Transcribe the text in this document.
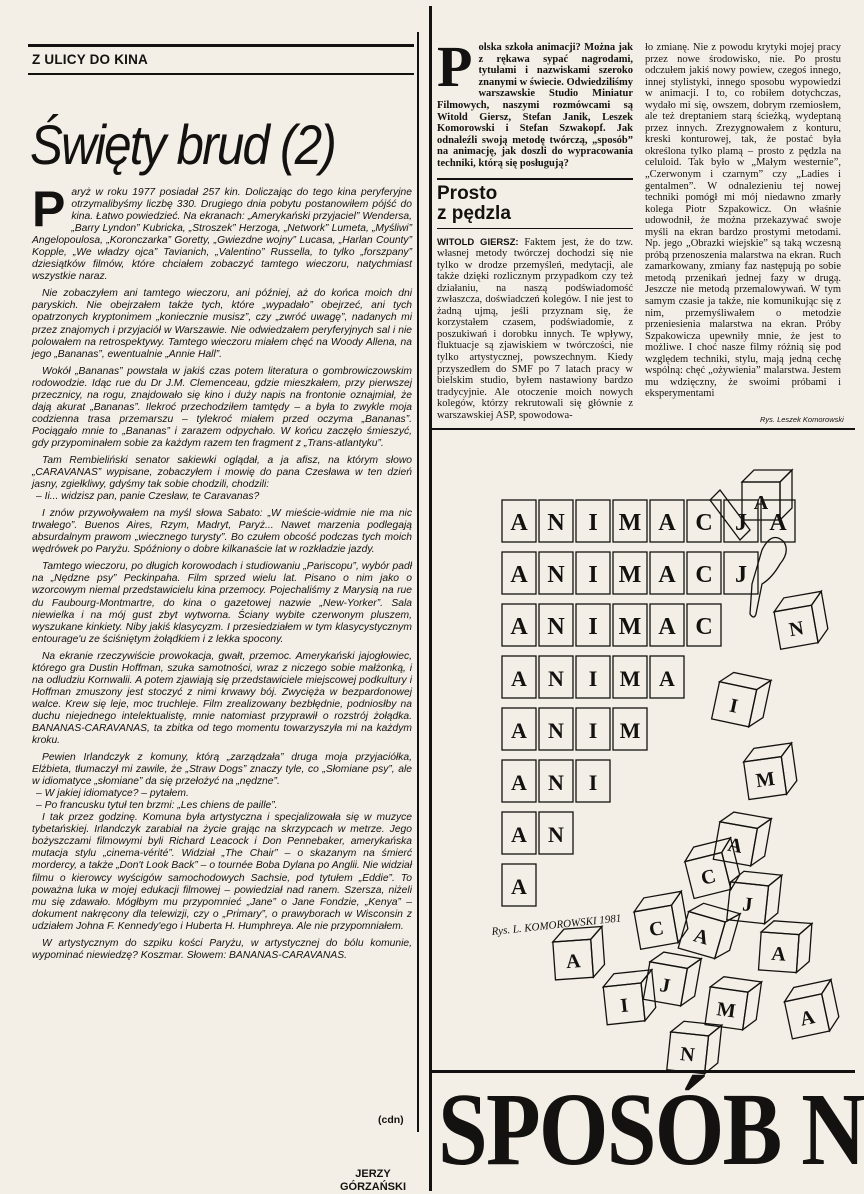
Z ULICY DO KINA
Święty brud (2)

Paryż w roku 1977 posiadał 257 kin. Doliczając do tego kina peryferyjne otrzymalibyśmy liczbę 330. Drugiego dnia pobytu postanowiłem pójść do kina. Łatwo powiedzieć. Na ekranach: „Amerykański przyjaciel” Wendersa, „Barry Lyndon” Kubricka, „Stroszek” Herzoga, „Network” Lumeta, „Myśliwi” Angelopoulosa, „Koronczarka” Goretty, „Gwiezdne wojny” Lucasa, „Harlan County” Kopple, „We władzy ojca” Tavianich, „Valentino” Russella, to tylko „forszpany” dziesiątków filmów, które chciałem zobaczyć tamtego wieczoru, natychmiast wszystkie naraz.

Nie zobaczyłem ani tamtego wieczoru, ani później, aż do końca moich dni paryskich. Nie obejrzałem także tych, które „wypadało” obejrzeć, ani tych opatrzonych kryptonimem „koniecznie musisz”, czy „zwróć uwagę”, nadanych mi przez znajomych i przyjaciół w Warszawie. Nie odwiedzałem peryferyjnych sal i nie polowałem na retrospektywy. Tamtego wieczoru miałem chęć na Woody Allena, na jego „Bananas”, ewentualnie „Annie Hall”.

Wokół „Bananas” powstała w jakiś czas potem literatura o gombrowiczowskim rodowodzie. Idąc rue du Dr J.M. Clemenceau, gdzie mieszkałem, przy pierwszej przecznicy, na rogu, znajdowało się kino i duży napis na frontonie oznajmiał, że dają akurat „Bananas”. Ilekroć przechodziłem tamtędy – a była to zwykle moja codzienna trasa przemarszu – tylekroć miałem przed oczyma „Bananas”. Pociągało mnie to „Bananas” i zarazem odpychało. W końcu zaczęło śmieszyć, gdy przypominałem sobie za każdym razem ten fragment z „Trans-atlantyku”.

Tam Rembieliński senator sakiewki oglądał, a ja afisz, na którym słowo „CARAVANAS” wypisane, zobaczyłem i mowię do pana Czesława w ten dzień jasny, zgiełkliwy, gdyśmy tak sobie chodzili, chodzili:

– Ii... widzisz pan, panie Czesław, te Caravanas?

I znów przywoływałem na myśl słowa Sabato: „W mieście-widmie nie ma nic trwałego”. Buenos Aires, Rzym, Madryt, Paryż... Nawet marzenia podlegają absurdalnym prawom „wiecznego turysty”. Bo czułem obcość podczas tych moich wędrówek po Paryżu. Spóźniony o dobre kilkanaście lat w rozkładzie jazdy.

Tamtego wieczoru, po długich korowodach i studiowaniu „Pariscopu”, wybór padł na „Nędzne psy” Peckinpaha. Film sprzed wielu lat. Pisano o nim jako o wzorcowym niemal przedstawicielu kina przemocy. Pojechaliśmy z Marysią na rue du Faubourg-Montmartre, do kina o gazetowej nazwie „New-Yorker”. Sala niewielka i na mój gust zbyt wytworna. Ściany wybite czerwonym pluszem, wyszukane kinkiety. Niby jakiś klasycyzm. I przesiedziałem w tym klasycystycznym entourage'u ze ściśniętym żołądkiem i z lekka spocony.

Na ekranie rzeczywiście prowokacja, gwałt, przemoc. Amerykański jajogłowiec, którego gra Dustin Hoffman, szuka samotności, wraz z niczego sobie małżonką, i na odludziu Kornwalii. A potem zjawiają się przedstawiciele miejscowej podkultury i Hoffman zmuszony jest stoczyć z nimi krwawy bój. Zwycięża w bezpardonowej walce. Krew się leje, moc truchleje. Film zrealizowany bezbłędnie, podniosłby na duchu niejednego intelektualistę, mnie natomiast przyprawił o rozstrój żołądka. BANANAS-CARAVANAS, ta zbitka od tego momentu towarzyszyła mi na każdym kroku.

Pewien Irlandczyk z komuny, którą „zarządzała” druga moja przyjaciółka, Elżbieta, tłumaczył mi zawile, że „Straw Dogs” znaczy tyle, co „Słomiane psy”, ale w idiomatyce „słomiane” da się przełożyć na „nędzne”.

– W jakiej idiomatyce? – pytałem.

– Po francusku tytuł ten brzmi: „Les chiens de paille”.

I tak przez godzinę. Komuna była artystyczna i specjalizowała się w muzyce tybetańskiej. Irlandczyk zarabiał na życie grając na skrzypcach w metrze. Jego bożyszczami filmowymi byli Richard Leacock i Don Pennebaker, amerykańska mutacja stylu „cinema-vérité”. Widział „The Chair” – o skazanym na śmierć mordercy, a także „Don't Look Back” – o tournée Boba Dylana po Anglii. Nie widział filmu o kierowcy wyścigów samochodowych Sachsie, pod tytułem „Eddie”. To poważna luka w mojej edukacji filmowej – powiedział nad ranem. Szersza, niżeli mu się zdawało. Mógłbym mu przypomnieć „Jane” o Jane Fondzie, „Kenya” – dokument nakręcony dla telewizji, czy o „Primary”, o prawyborach w Wisconsin z udziałem Johna F. Kennedy'ego i Huberta H. Humphreya. Ale nie przypomniałem.

W artystycznym do szpiku kości Paryżu, w artystycznej do bólu komunie, wypominać niewiedzę? Koszmar. Słowem: BANANAS-CARAVANAS.

(cdn)
JERZY
GÓRZAŃSKI

Polska szkoła animacji? Można jak z rękawa sypać nagrodami, tytułami i nazwiskami szeroko znanymi w świecie. Odwiedziliśmy warszawskie Studio Miniatur Filmowych, naszymi rozmówcami są Witold Giersz, Stefan Janik, Leszek Komorowski i Stefan Szwakopf. Jak odnaleźli swoją metodę twórczą, „sposób” na animację, jak doszli do wypracowania techniki, którą się posługują?

Prosto
z pędzla

WITOLD GIERSZ: Faktem jest, że do tzw. własnej metody twórczej dochodzi się nie tylko w drodze przemyśleń, medytacji, ale także dzięki rozlicznym przypadkom czy też działaniu, na naszą podświadomość zwłaszcza, doświadczeń kolegów. I nie jest to żadną ujmą, jeśli przyznam się, że korzystałem czasem, podświadomie, z poszukiwań i dorobku innych. Te wpływy, fluktuacje są zjawiskiem w twórczości, nie tylko artystycznej, powszechnym. Kiedy przyszedłem do SMF po 7 latach pracy w bielskim studio, byłem nastawiony bardzo tradycyjnie. Ale otoczenie moich nowych kolegów, którzy rekrutowali się głównie z warszawskiej ASP, spowodowa-

ło zmianę. Nie z powodu krytyki mojej pracy przez nowe środowisko, nie. Po prostu odczułem jakiś nowy powiew, czegoś innego, innej stylistyki, innego sposobu wypowiedzi w animacji. I to, co robiłem dotychczas, wydało mi się, owszem, dobrym rzemiosłem, ale też dreptaniem starą ścieżką, wydeptaną przez innych. Zrezygnowałem z konturu, kreski konturowej, tak, że postać była określona tylko plamą – prosto z pędzla na celuloid. Tak było w „Małym westernie”, „Czerwonym i czarnym” czy „Ladies i gentalmen”. W odnalezieniu tej nowej techniki pomógł mi mój niedawno zmarły kolega Piotr Szpakowicz. On właśnie udowodnił, że można przekazywać swoje myśli na ekran bardzo prostymi metodami. Np. jego „Obrazki wiejskie” są taką wczesną próbą przenoszenia malarstwa na ekran. Ruch zamarkowany, zmiany faz następują po sobie metodą przenikań jednej fazy w drugą. Jeszcze nie metodą przemalowywań. W tym samym czasie ja także, nie komunikując się z nim, przemyśliwałem o metodzie przeniesienia malarstwa na ekran. Próby Szpakowicza upewniły mnie, że jest to możliwe. I choć nasze filmy różnią się pod względem techniki, stylu, mają jedną cechę wspólną: chęć „ożywienia” malarstwa. Jestem mu wdzięczny, że swoimi próbami i eksperymentami

Rys. Leszek Komorowski
A
N
I
M
A
C
J
A
C
A
J
I	M	A
N
A
A N I M A C J A
A N I M A C J
A N I M A C
A N I M A
A N I M
A N I
A N
A
Rys. L. KOMOROWSKI 1981
SPOSÓB N
